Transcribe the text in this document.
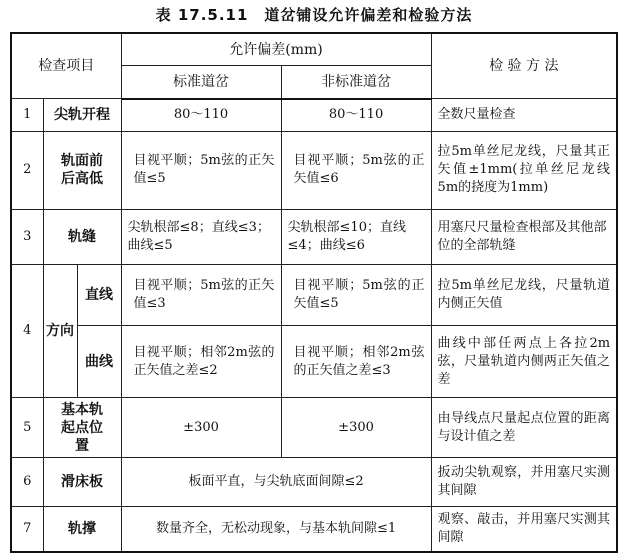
表 17.5.11　道岔铺设允许偏差和检验方法
检查项目			允许偏差(mm)		检 验 方 法
			标准道岔	非标准道岔	
1	尖轨开程		80～110	80～110	全数尺量检查
2	轨面前后高低		目视平顺；5m弦的正矢值≤5	目视平顺；5m弦的正矢值≤6	拉5m单丝尼龙线，尺量其正矢值±1mm(拉单丝尼龙线5m的挠度为1mm)
3	轨缝		尖轨根部≤8；直线≤3；曲线≤5	尖轨根部≤10；直线≤4；曲线≤6	用塞尺尺量检查根部及其他部位的全部轨缝
4	方向	直线	目视平顺；5m弦的正矢值≤3	目视平顺；5m弦的正矢值≤5	拉5m单丝尼龙线，尺量轨道内侧正矢值
		曲线	目视平顺；相邻2m弦的正矢值之差≤2	目视平顺；相邻2m弦的正矢值之差≤3	曲线中部任两点上各拉2m弦，尺量轨道内侧两正矢值之差
5	基本轨起点位置		±300	±300	由导线点尺量起点位置的距离与设计值之差
6	滑床板		板面平直，与尖轨底面间隙≤2		扳动尖轨观察，并用塞尺实测其间隙
7	轨撑		数量齐全，无松动现象，与基本轨间隙≤1		观察、敲击，并用塞尺实测其间隙
